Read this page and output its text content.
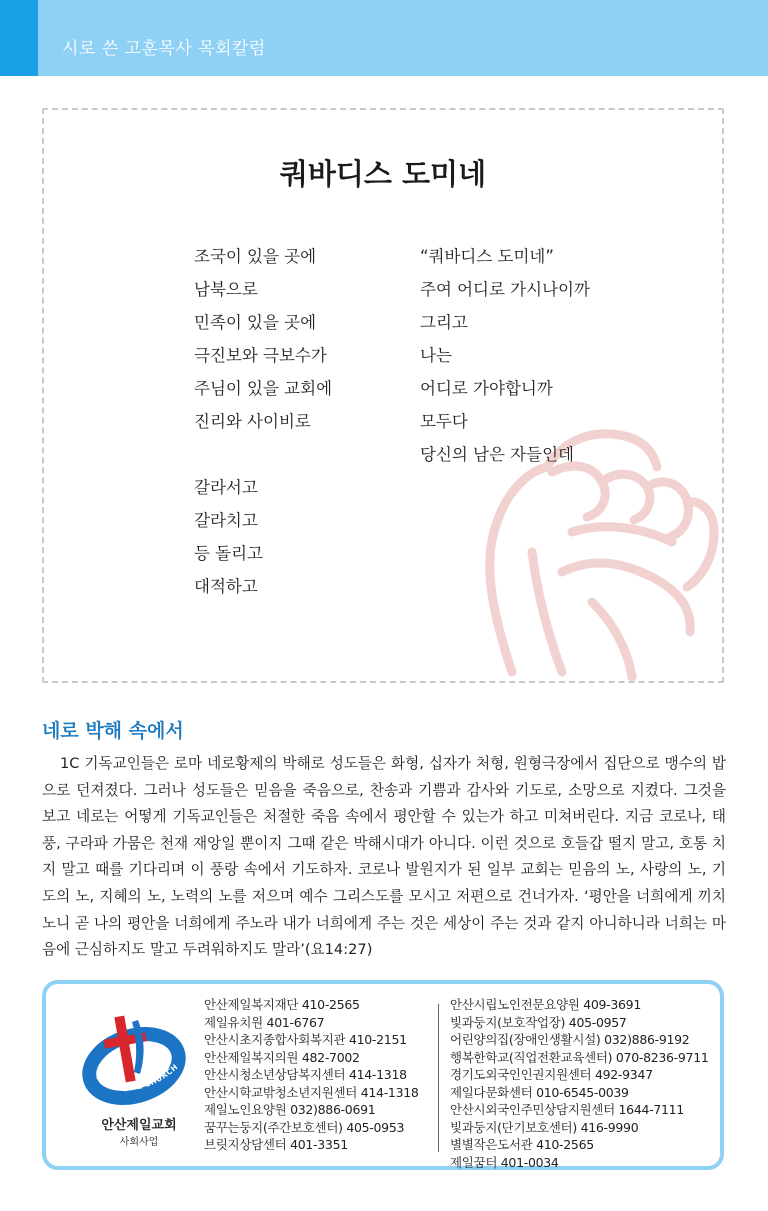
시로 쓴 고훈목사 목회칼럼
쿼바디스 도미네
조국이 있을 곳에
남북으로
민족이 있을 곳에
극진보와 극보수가
주님이 있을 교회에
진리와 사이비로
갈라서고
갈라치고
등 돌리고
대적하고
“쿼바디스 도미네”
주여 어디로 가시나이까
그리고
나는
어디로 가야합니까
모두다
당신의 남은 자들인데
네로 박해 속에서
1C 기독교인들은 로마 네로황제의 박해로 성도들은 화형, 십자가 처형, 원형극장에서 집단으로 맹수의 밥으로 던져졌다. 그러나 성도들은 믿음을 죽음으로, 찬송과 기쁨과 감사와 기도로, 소망으로 지켰다. 그것을 보고 네로는 어떻게 기독교인들은 처절한 죽음 속에서 평안할 수 있는가 하고 미쳐버린다. 지금 코로나, 태풍, 구라파 가뭄은 천재 재앙일 뿐이지 그때 같은 박해시대가 아니다. 이런 것으로 호들갑 떨지 말고, 호통 치지 말고 때를 기다리며 이 풍랑 속에서 기도하자. 코로나 발원지가 된 일부 교회는 믿음의 노, 사랑의 노, 기도의 노, 지혜의 노, 노력의 노를 저으며 예수 그리스도를 모시고 저편으로 건너가자. ‘평안을 너희에게 끼치노니 곧 나의 평안을 너희에게 주노라 내가 너희에게 주는 것은 세상이 주는 것과 같지 아니하니라 너희는 마음에 근심하지도 말고 두려워하지도 말라’(요14:27)
ANSANJEIL CHURCH
안산제일교회
사회사업
안산제일복지재단 410-2565
제일유치원 401-6767
안산시초지종합사회복지관 410-2151
안산제일복지의원 482-7002
안산시청소년상담복지센터 414-1318
안산시학교밖청소년지원센터 414-1318
제일노인요양원 032)886-0691
꿈꾸는둥지(주간보호센터) 405-0953
브릿지상담센터 401-3351
안산시립노인전문요양원 409-3691
빛과둥지(보호작업장) 405-0957
어린양의집(장애인생활시설) 032)886-9192
행복한학교(직업전환교육센터) 070-8236-9711
경기도외국인인권지원센터 492-9347
제일다문화센터 010-6545-0039
안산시외국인주민상담지원센터 1644-7111
빛과둥지(단기보호센터) 416-9990
별별작은도서관 410-2565
제일꿈터 401-0034
